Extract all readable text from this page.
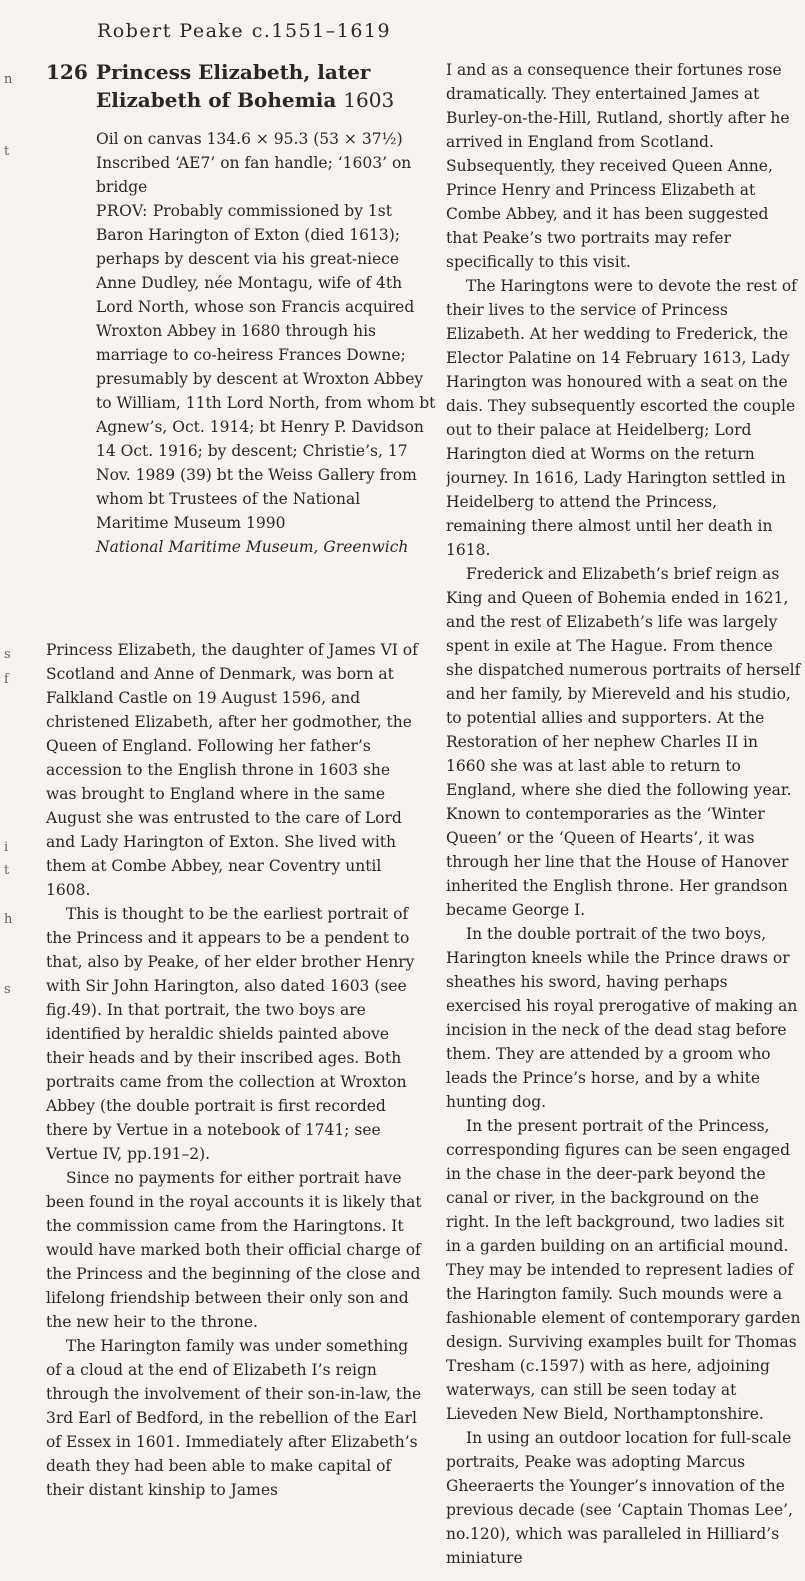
Robert Peake c.1551–1619
n
t
s
f
i
t
h
s
126 Princess Elizabeth, later Elizabeth of Bohemia 1603

Oil on canvas 134.6 × 95.3 (53 × 37½)

Inscribed ‘AE7’ on fan handle; ‘1603’ on bridge

PROV: Probably commissioned by 1st Baron Harington of Exton (died 1613); perhaps by descent via his great-niece Anne Dudley, née Montagu, wife of 4th Lord North, whose son Francis acquired Wroxton Abbey in 1680 through his marriage to co-heiress Frances Downe; presumably by descent at Wroxton Abbey to William, 11th Lord North, from whom bt Agnew’s, Oct. 1914; bt Henry P. Davidson 14 Oct. 1916; by descent; Christie’s, 17 Nov. 1989 (39) bt the Weiss Gallery from whom bt Trustees of the National Maritime Museum 1990

National Maritime Museum, Greenwich

Princess Elizabeth, the daughter of James VI of Scotland and Anne of Denmark, was born at Falkland Castle on 19 August 1596, and christened Elizabeth, after her godmother, the Queen of England. Following her father’s accession to the English throne in 1603 she was brought to England where in the same August she was entrusted to the care of Lord and Lady Harington of Exton. She lived with them at Combe Abbey, near Coventry until 1608.

This is thought to be the earliest portrait of the Princess and it appears to be a pendent to that, also by Peake, of her elder brother Henry with Sir John Harington, also dated 1603 (see fig.49). In that portrait, the two boys are identified by heraldic shields painted above their heads and by their inscribed ages. Both portraits came from the collection at Wroxton Abbey (the double portrait is first recorded there by Vertue in a notebook of 1741; see Vertue IV, pp.191–2).

Since no payments for either portrait have been found in the royal accounts it is likely that the commission came from the Haringtons. It would have marked both their official charge of the Princess and the beginning of the close and lifelong friendship between their only son and the new heir to the throne.

The Harington family was under something of a cloud at the end of Elizabeth I’s reign through the involvement of their son-in-law, the 3rd Earl of Bedford, in the rebellion of the Earl of Essex in 1601. Immediately after Elizabeth’s death they had been able to make capital of their distant kinship to James

I and as a consequence their fortunes rose dramatically. They entertained James at Burley-on-the-Hill, Rutland, shortly after he arrived in England from Scotland. Subsequently, they received Queen Anne, Prince Henry and Princess Elizabeth at Combe Abbey, and it has been suggested that Peake’s two portraits may refer specifically to this visit.

The Haringtons were to devote the rest of their lives to the service of Princess Elizabeth. At her wedding to Frederick, the Elector Palatine on 14 February 1613, Lady Harington was honoured with a seat on the dais. They subsequently escorted the couple out to their palace at Heidelberg; Lord Harington died at Worms on the return journey. In 1616, Lady Harington settled in Heidelberg to attend the Princess, remaining there almost until her death in 1618.

Frederick and Elizabeth’s brief reign as King and Queen of Bohemia ended in 1621, and the rest of Elizabeth’s life was largely spent in exile at The Hague. From thence she dispatched numerous portraits of herself and her family, by Miereveld and his studio, to potential allies and supporters. At the Restoration of her nephew Charles II in 1660 she was at last able to return to England, where she died the following year. Known to contemporaries as the ‘Winter Queen’ or the ‘Queen of Hearts’, it was through her line that the House of Hanover inherited the English throne. Her grandson became George I.

In the double portrait of the two boys, Harington kneels while the Prince draws or sheathes his sword, having perhaps exercised his royal prerogative of making an incision in the neck of the dead stag before them. They are attended by a groom who leads the Prince’s horse, and by a white hunting dog.

In the present portrait of the Princess, corresponding figures can be seen engaged in the chase in the deer-park beyond the canal or river, in the background on the right. In the left background, two ladies sit in a garden building on an artificial mound. They may be intended to represent ladies of the Harington family. Such mounds were a fashionable element of contemporary garden design. Surviving examples built for Thomas Tresham (c.1597) with as here, adjoining waterways, can still be seen today at Lieveden New Bield, Northamptonshire.

In using an outdoor location for full-scale portraits, Peake was adopting Marcus Gheeraerts the Younger’s innovation of the previous decade (see ‘Captain Thomas Lee’, no.120), which was paralleled in Hilliard’s miniature
